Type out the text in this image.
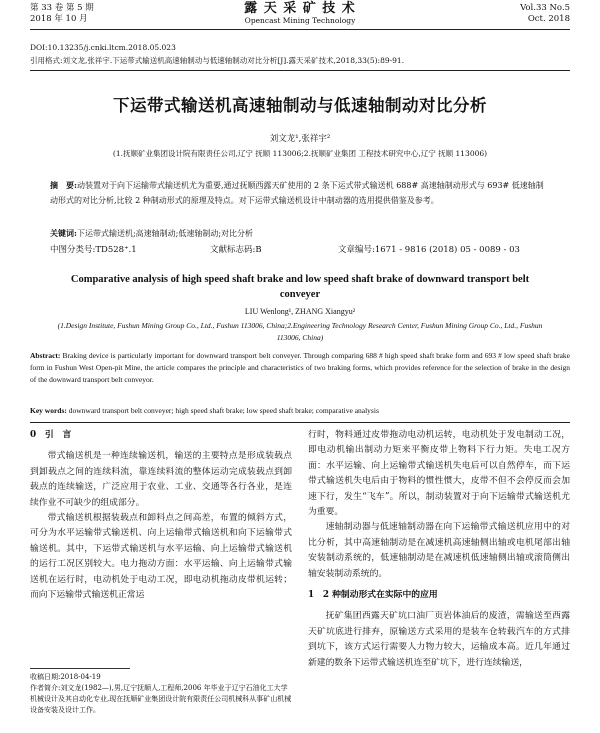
第 33 卷 第 5 期
2018 年 10 月
露 天 采 矿 技 术
Opencast Mining Technology
Vol.33 No.5
Oct. 2018
DOI:10.13235/j.cnki.ltcm.2018.05.023
引用格式:刘文龙,张祥宇.下运带式输送机高速轴制动与低速轴制动对比分析[J].露天采矿技术,2018,33(5):89-91.
下运带式输送机高速轴制动与低速轴制动对比分析
刘文龙¹,张祥宇²
(1.抚顺矿业集团设计院有限责任公司,辽宁 抚顺 113006;2.抚顺矿业集团 工程技术研究中心,辽宁 抚顺 113006)
摘　要:动装置对于向下运输带式输送机尤为重要,通过抚顺西露天矿使用的 2 条下运式带式输送机 688# 高速轴制动形式与 693# 低速轴制动形式的对比分析,比较 2 种制动形式的原理及特点。对下运带式输送机设计中制动器的选用提供借鉴及参考。
关键词:下运带式输送机;高速轴制动;低速轴制动;对比分析
中图分类号:TD528⁺.1	文献标志码:B	文章编号:1671 - 9816 (2018) 05 - 0089 - 03
Comparative analysis of high speed shaft brake and low speed shaft brake of downward transport belt conveyer
LIU Wenlong¹, ZHANG Xiangyu²
(1.Design Institute, Fushun Mining Group Co., Ltd., Fushun 113006, China;2.Engineering Technology Research Center, Fushun Mining Group Co., Ltd., Fushun 113006, China)
Abstract: Braking device is particularly important for downward transport belt conveyer. Through comparing 688 # high speed shaft brake form and 693 # low speed shaft brake form in Fushun West Open-pit Mine, the article compares the principle and characteristics of two braking forms, which provides reference for the selection of brake in the design of the downward transport belt conveyor.
Key words: downward transport belt conveyer; high speed shaft brake; low speed shaft brake; comparative analysis

0　引　言

带式输送机是一种连续输送机，输送的主要特点是形成装载点到卸载点之间的连续料流，靠连续料流的整体运动完成装载点到卸载点的连续输送，广泛应用于农业、工业、交通等各行各业，是连续作业不可缺少的组成部分。

带式输送机根据装载点和卸料点之间高差，布置的倾斜方式，可分为水平运输带式输送机、向上运输带式输送机和向下运输带式输送机。其中，下运带式输送机与水平运输、向上运输带式输送机的运行工况区别较大。电力拖动方面：水平运输、向上运输带式输送机在运行时，电动机处于电动工况，即电动机拖动皮带机运转；而向下运输带式输送机正常运

行时，物料通过皮带拖动电动机运转，电动机处于发电制动工况，即电动机输出制动力矩来平衡皮带上物料下行力矩。失电工况方面：水平运输、向上运输带式输送机失电后可以自然停车，而下运带式输送机失电后由于物料的惯性惯大，皮带不但不会停反而会加速下行，发生“飞车”。所以，制动装置对于向下运输带式输送机尤为重要。

速轴制动器与低速轴制动器在向下运输带式输送机应用中的对比分析，其中高速轴制动是在减速机高速轴侧出轴或电机尾部出轴安装制动系统的，低速轴制动是在减速机低速轴侧出轴或滚筒侧出轴安装制动系统的。

1　2 种制动形式在实际中的应用

抚矿集团西露天矿坑口油厂页岩体油后的废渣，需输送至西露天矿坑底进行排弃，原输送方式采用的是装车仓转载汽车的方式排到坑下，该方式运行需要人力物力较大，运输成本高。近几年通过新建的数条下运带式输送机连至矿坑下，进行连续输送，

收稿日期:2018-04-19
作者简介:刘文龙(1982—),男,辽宁抚顺人,工程师,2006 年毕业于辽宁石油化工大学机械设计及其自动化专业,现在抚顺矿业集团设计院有限责任公司机械科从事矿山机械设备安装及设计工作。
